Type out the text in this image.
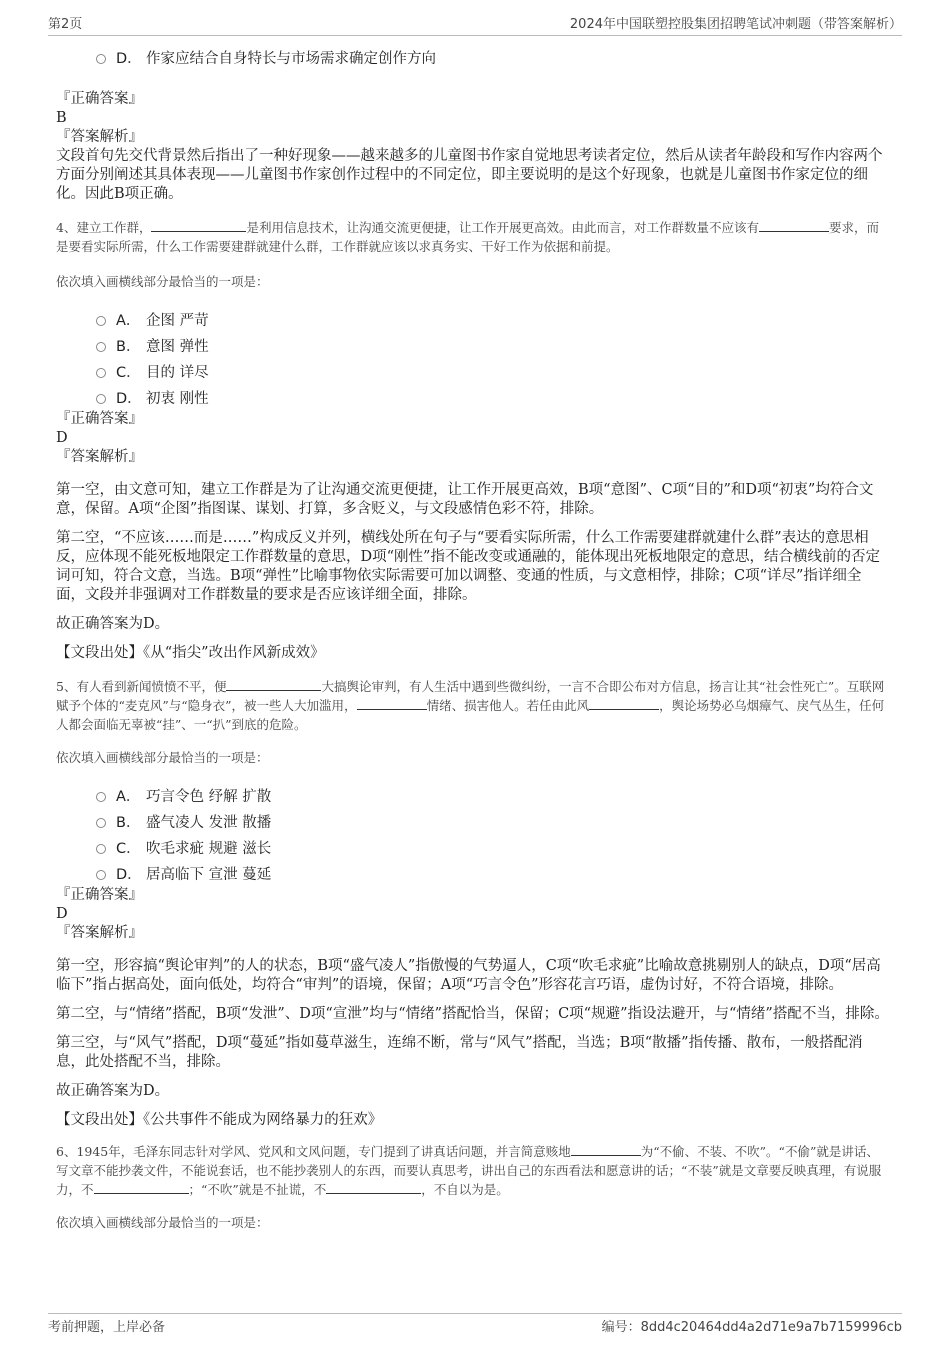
第2页	2024年中国联塑控股集团招聘笔试冲刺题（带答案解析）
D． 作家应结合自身特长与市场需求确定创作方向
『正确答案』
B
『答案解析』

文段首句先交代背景然后指出了一种好现象——越来越多的儿童图书作家自觉地思考读者定位，然后从读者年龄段和写作内容两个方面分别阐述其具体表现——儿童图书作家创作过程中的不同定位，即主要说明的是这个好现象，也就是儿童图书作家定位的细化。因此B项正确。

4、建立工作群，	是利用信息技术，让沟通交流更便捷，让工作开展更高效。由此而言，对工作群数量不应该有	要求，而是要看实际所需，什么工作需要建群就建什么群，工作群就应该以求真务实、干好工作为依据和前提。

依次填入画横线部分最恰当的一项是：
A． 企图 严苛
B． 意图 弹性
C． 目的 详尽
D． 初衷 刚性
『正确答案』
D
『答案解析』

第一空，由文意可知，建立工作群是为了让沟通交流更便捷，让工作开展更高效，B项“意图”、C项“目的”和D项“初衷”均符合文意，保留。A项“企图”指图谋、谋划、打算，多含贬义，与文段感情色彩不符，排除。

第二空，“不应该……而是……”构成反义并列，横线处所在句子与“要看实际所需，什么工作需要建群就建什么群”表达的意思相反，应体现不能死板地限定工作群数量的意思，D项“刚性”指不能改变或通融的，能体现出死板地限定的意思，结合横线前的否定词可知，符合文意，当选。B项“弹性”比喻事物依实际需要可加以调整、变通的性质，与文意相悖，排除；C项“详尽”指详细全面，文段并非强调对工作群数量的要求是否应该详细全面，排除。

故正确答案为D。

【文段出处】《从“指尖”改出作风新成效》

5、有人看到新闻愤愤不平，便	大搞舆论审判，有人生活中遇到些微纠纷，一言不合即公布对方信息，扬言让其“社会性死亡”。互联网赋予个体的“麦克风”与“隐身衣”，被一些人大加滥用，	情绪、损害他人。若任由此风	，舆论场势必乌烟瘴气、戾气丛生，任何人都会面临无辜被“挂”、一“扒”到底的危险。

依次填入画横线部分最恰当的一项是：
A． 巧言令色 纾解 扩散
B． 盛气凌人 发泄 散播
C． 吹毛求疵 规避 滋长
D． 居高临下 宣泄 蔓延
『正确答案』
D
『答案解析』

第一空，形容搞“舆论审判”的人的状态，B项“盛气凌人”指傲慢的气势逼人，C项“吹毛求疵”比喻故意挑剔别人的缺点，D项“居高临下”指占据高处，面向低处，均符合“审判”的语境，保留；A项“巧言令色”形容花言巧语，虚伪讨好，不符合语境，排除。

第二空，与“情绪”搭配，B项“发泄”、D项“宣泄”均与“情绪”搭配恰当，保留；C项“规避”指设法避开，与“情绪”搭配不当，排除。

第三空，与“风气”搭配，D项“蔓延”指如蔓草滋生，连绵不断，常与“风气”搭配，当选；B项“散播”指传播、散布，一般搭配消息，此处搭配不当，排除。

故正确答案为D。

【文段出处】《公共事件不能成为网络暴力的狂欢》

6、1945年，毛泽东同志针对学风、党风和文风问题，专门提到了讲真话问题，并言简意赅地	为“不偷、不装、不吹”。“不偷”就是讲话、写文章不能抄袭文件，不能说套话，也不能抄袭别人的东西，而要认真思考，讲出自己的东西看法和愿意讲的话；“不装”就是文章要反映真理，有说服力，不	；“不吹”就是不扯谎，不	，不自以为是。

依次填入画横线部分最恰当的一项是：
考前押题，上岸必备	编号：8dd4c20464dd4a2d71e9a7b7159996cb
